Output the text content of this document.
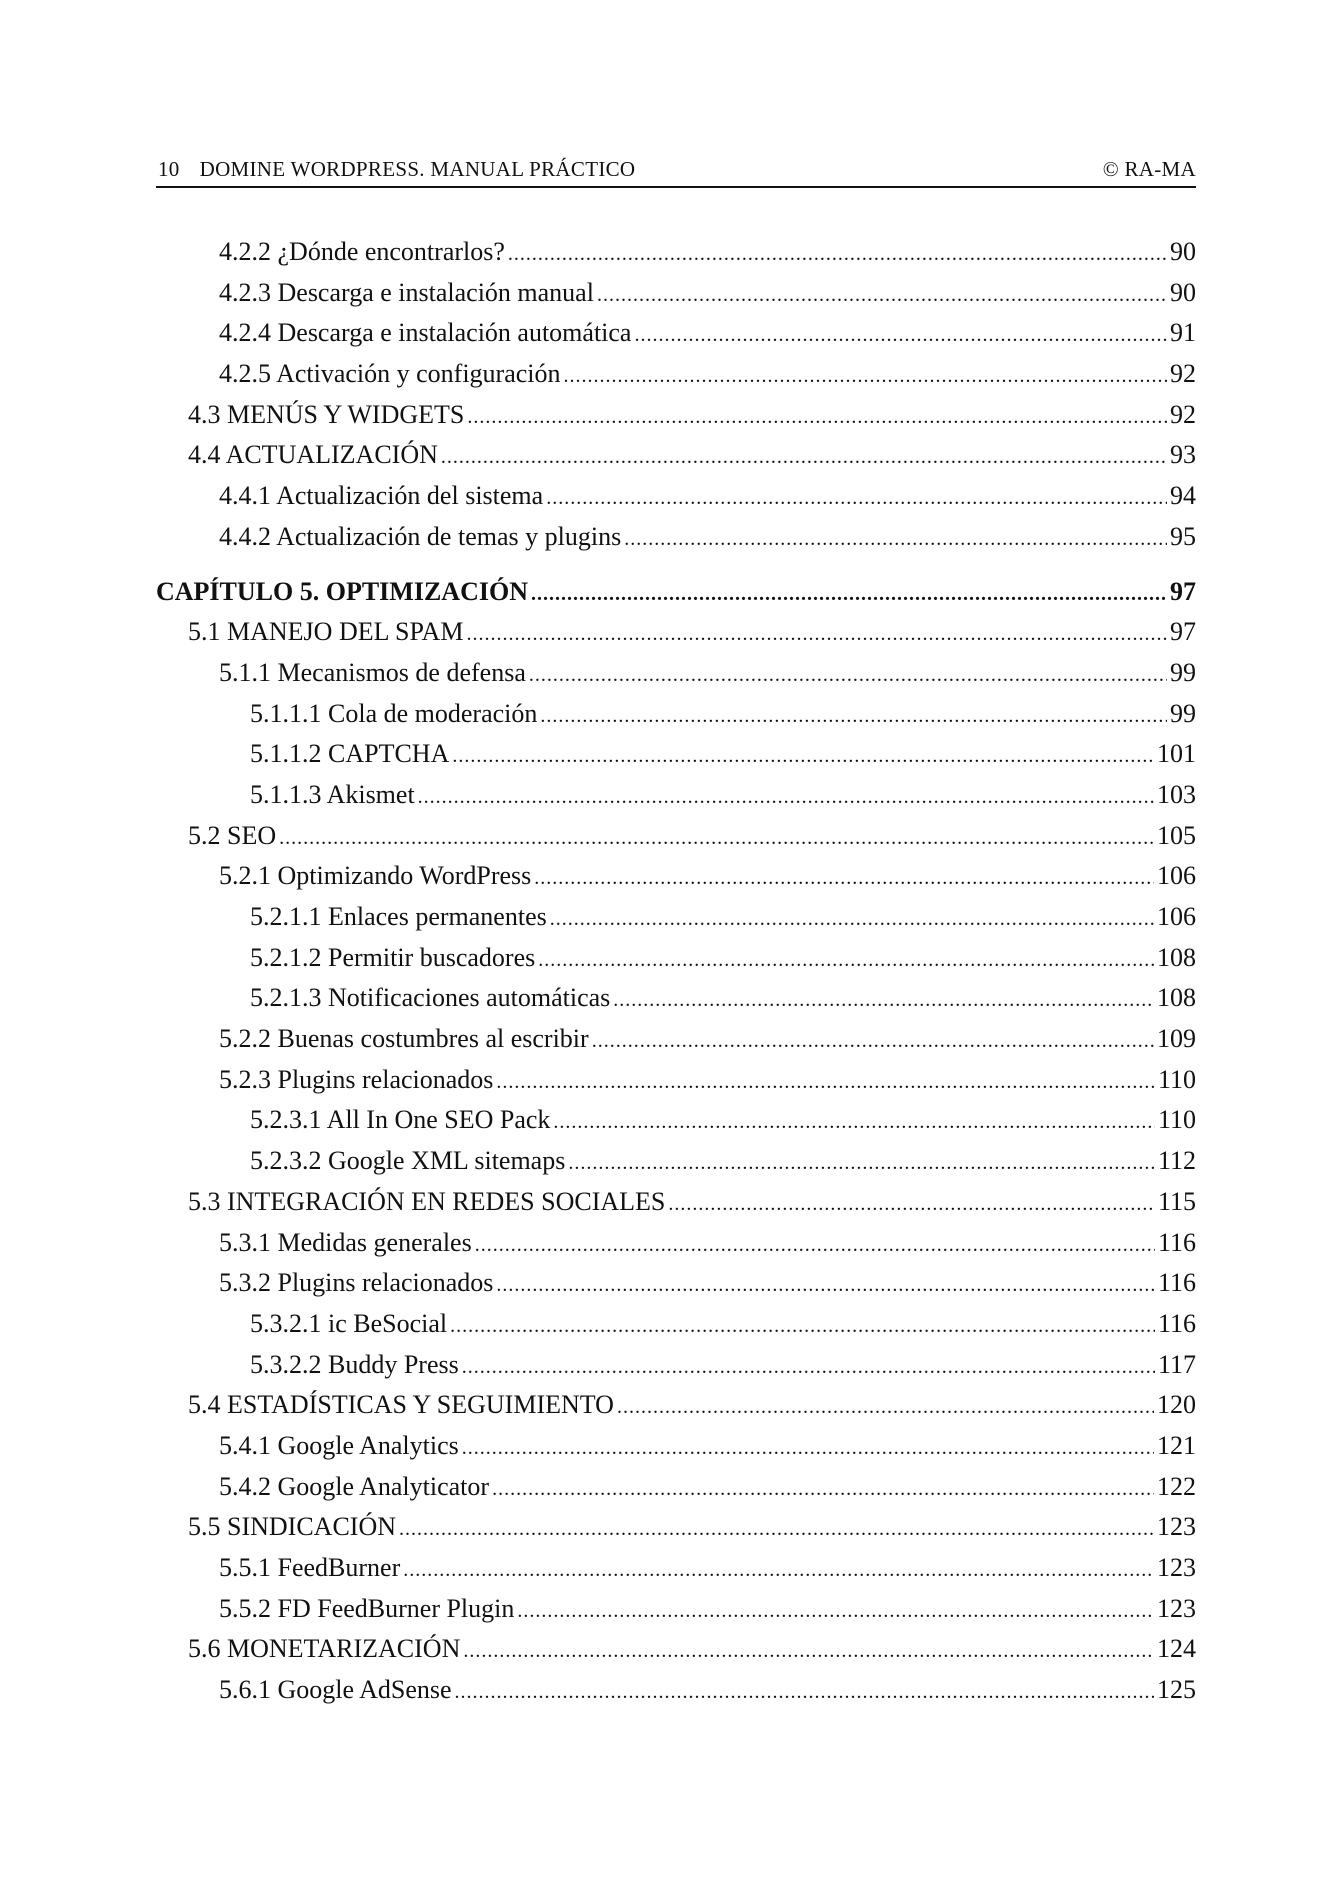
10 DOMINE WORDPRESS. MANUAL PRÁCTICO	© RA-MA
4.2.2 ¿Dónde encontrarlos? .....	90
4.2.3 Descarga e instalación manual .....	90
4.2.4 Descarga e instalación automática .....	91
4.2.5 Activación y configuración .....	92
4.3 MENÚS Y WIDGETS .....	92
4.4 ACTUALIZACIÓN .....	93
4.4.1 Actualización del sistema .....	94
4.4.2 Actualización de temas y plugins .....	95
CAPÍTULO 5. OPTIMIZACIÓN .....	97
5.1 MANEJO DEL SPAM .....	97
5.1.1 Mecanismos de defensa .....	99
5.1.1.1 Cola de moderación .....	99
5.1.1.2 CAPTCHA .....	101
5.1.1.3 Akismet .....	103
5.2 SEO .....	105
5.2.1 Optimizando WordPress .....	106
5.2.1.1 Enlaces permanentes .....	106
5.2.1.2 Permitir buscadores .....	108
5.2.1.3 Notificaciones automáticas .....	108
5.2.2 Buenas costumbres al escribir .....	109
5.2.3 Plugins relacionados .....	110
5.2.3.1 All In One SEO Pack .....	110
5.2.3.2 Google XML sitemaps .....	112
5.3 INTEGRACIÓN EN REDES SOCIALES .....	115
5.3.1 Medidas generales .....	116
5.3.2 Plugins relacionados .....	116
5.3.2.1 ic BeSocial .....	116
5.3.2.2 Buddy Press .....	117
5.4 ESTADÍSTICAS Y SEGUIMIENTO .....	120
5.4.1 Google Analytics .....	121
5.4.2 Google Analyticator .....	122
5.5 SINDICACIÓN .....	123
5.5.1 FeedBurner .....	123
5.5.2 FD FeedBurner Plugin .....	123
5.6 MONETARIZACIÓN .....	124
5.6.1 Google AdSense .....	125
